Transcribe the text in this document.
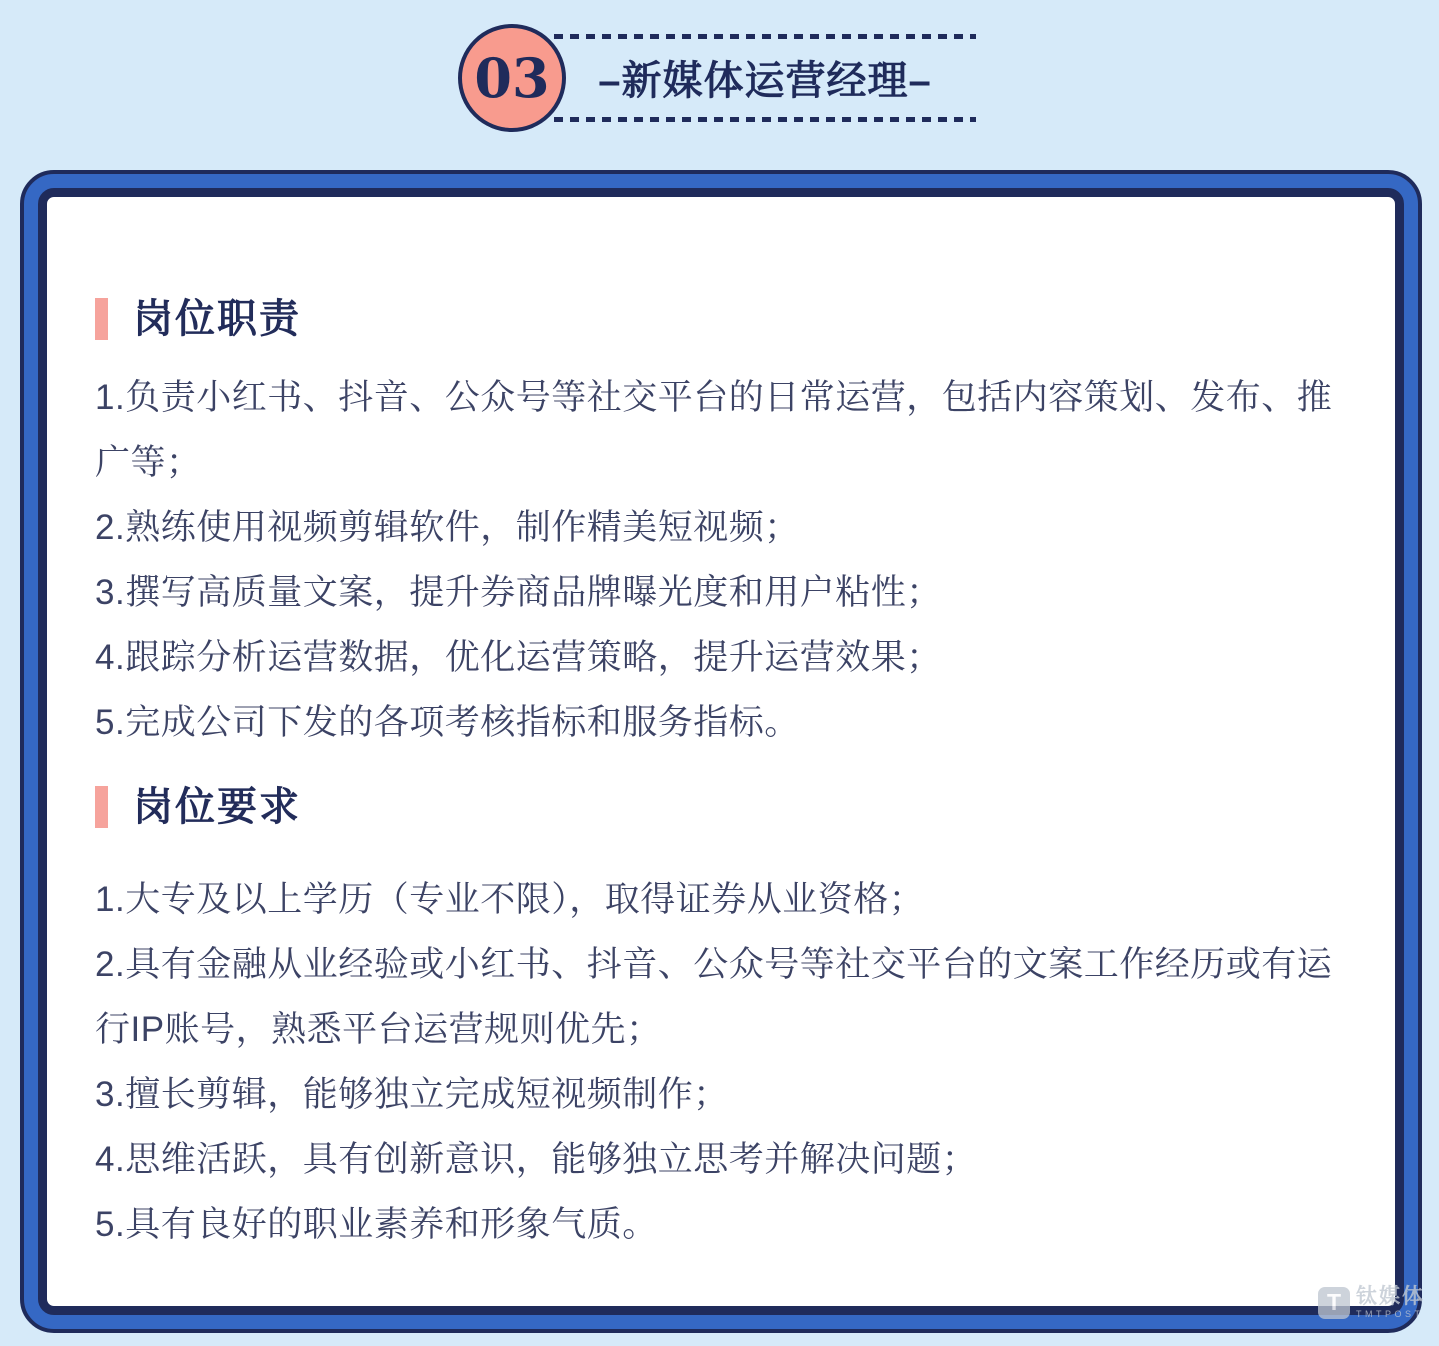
03	–新媒体运营经理–
岗位职责

1.负责小红书、抖音、公众号等社交平台的日常运营，包括内容策划、发布、推广等；

2.熟练使用视频剪辑软件，制作精美短视频；

3.撰写高质量文案，提升券商品牌曝光度和用户粘性；

4.跟踪分析运营数据，优化运营策略，提升运营效果；

5.完成公司下发的各项考核指标和服务指标。

岗位要求

1.大专及以上学历（专业不限），取得证券从业资格；

2.具有金融从业经验或小红书、抖音、公众号等社交平台的文案工作经历或有运行IP账号，熟悉平台运营规则优先；

3.擅长剪辑，能够独立完成短视频制作；

4.思维活跃，具有创新意识，能够独立思考并解决问题；

5.具有良好的职业素养和形象气质。

T 钛媒体
TMTPOST
